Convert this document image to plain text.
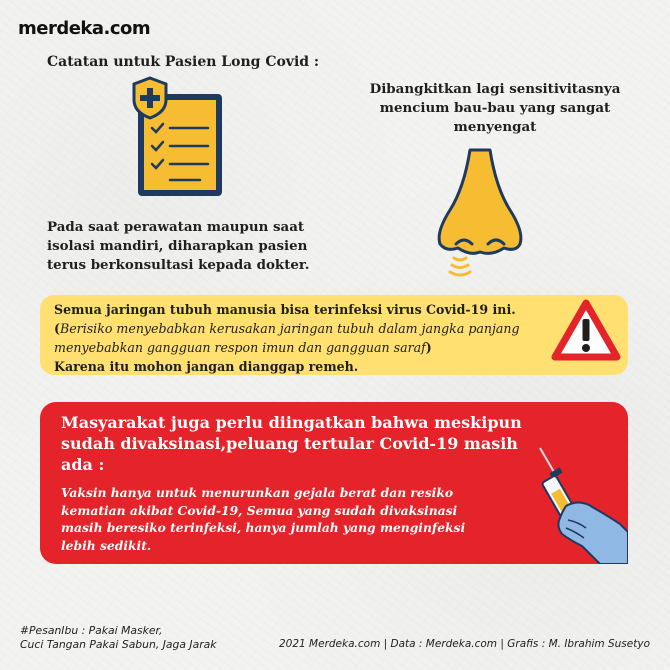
merdeka.com
Catatan untuk Pasien Long Covid :
Pada saat perawatan maupun saat isolasi mandiri, diharapkan pasien terus berkonsultasi kepada dokter.
Dibangkitkan lagi sensitivitasnya mencium bau-bau yang sangat menyengat
Semua jaringan tubuh manusia bisa terinfeksi virus Covid-19 ini.
(Berisiko menyebabkan kerusakan jaringan tubuh dalam jangka panjang menyebabkan gangguan respon imun dan gangguan saraf)
Karena itu mohon jangan dianggap remeh.
Masyarakat juga perlu diingatkan bahwa meskipun sudah divaksinasi,peluang tertular Covid-19 masih ada :
Vaksin hanya untuk menurunkan gejala berat dan resiko kematian akibat Covid-19, Semua yang sudah divaksinasi masih beresiko terinfeksi, hanya jumlah yang menginfeksi lebih sedikit.
#PesanIbu : Pakai Masker,
Cuci Tangan Pakai Sabun, Jaga Jarak	2021 Merdeka.com | Data : Merdeka.com | Grafis : M. Ibrahim Susetyo
